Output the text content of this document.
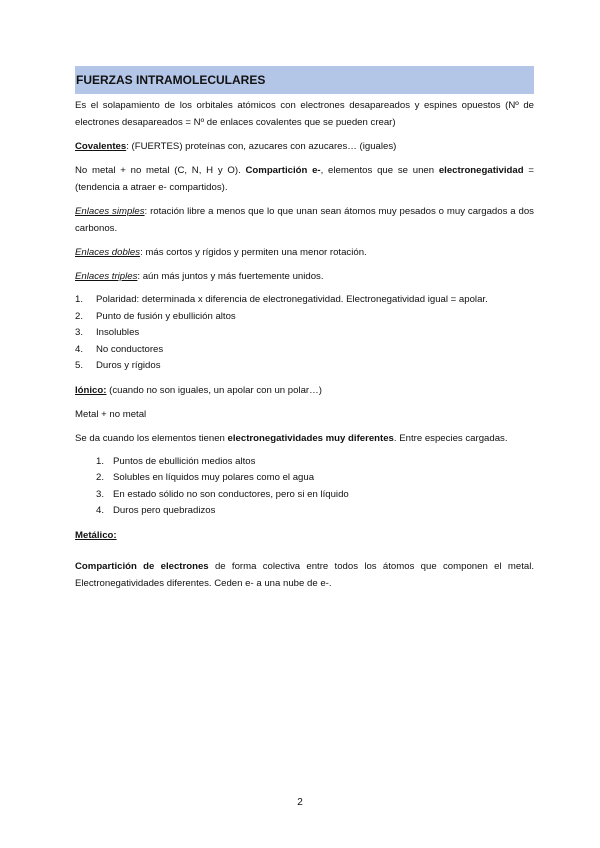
FUERZAS INTRAMOLECULARES

Es el solapamiento de los orbitales atómicos con electrones desapareados y espines opuestos (Nº de electrones desapareados = Nº de enlaces covalentes que se pueden crear)

Covalentes: (FUERTES) proteínas con, azucares con azucares… (iguales)

No metal + no metal (C, N, H y O). Compartición e-, elementos que se unen electronegatividad = (tendencia a atraer e- compartidos).

Enlaces simples: rotación libre a menos que lo que unan sean átomos muy pesados o muy cargados a dos carbonos.

Enlaces dobles: más cortos y rígidos y permiten una menor rotación.

Enlaces triples: aún más juntos y más fuertemente unidos.

1. Polaridad: determinada x diferencia de electronegatividad. Electronegatividad igual = apolar.
2. Punto de fusión y ebullición altos
3. Insolubles
4. No conductores
5. Duros y rígidos

Iónico: (cuando no son iguales, un apolar con un polar…)

Metal + no metal

Se da cuando los elementos tienen electronegatividades muy diferentes. Entre especies cargadas.

1. Puntos de ebullición medios altos
2. Solubles en líquidos muy polares como el agua
3. En estado sólido no son conductores, pero si en líquido
4. Duros pero quebradizos

Metálico:

Compartición de electrones de forma colectiva entre todos los átomos que componen el metal. Electronegatividades diferentes. Ceden e- a una nube de e-.

2
